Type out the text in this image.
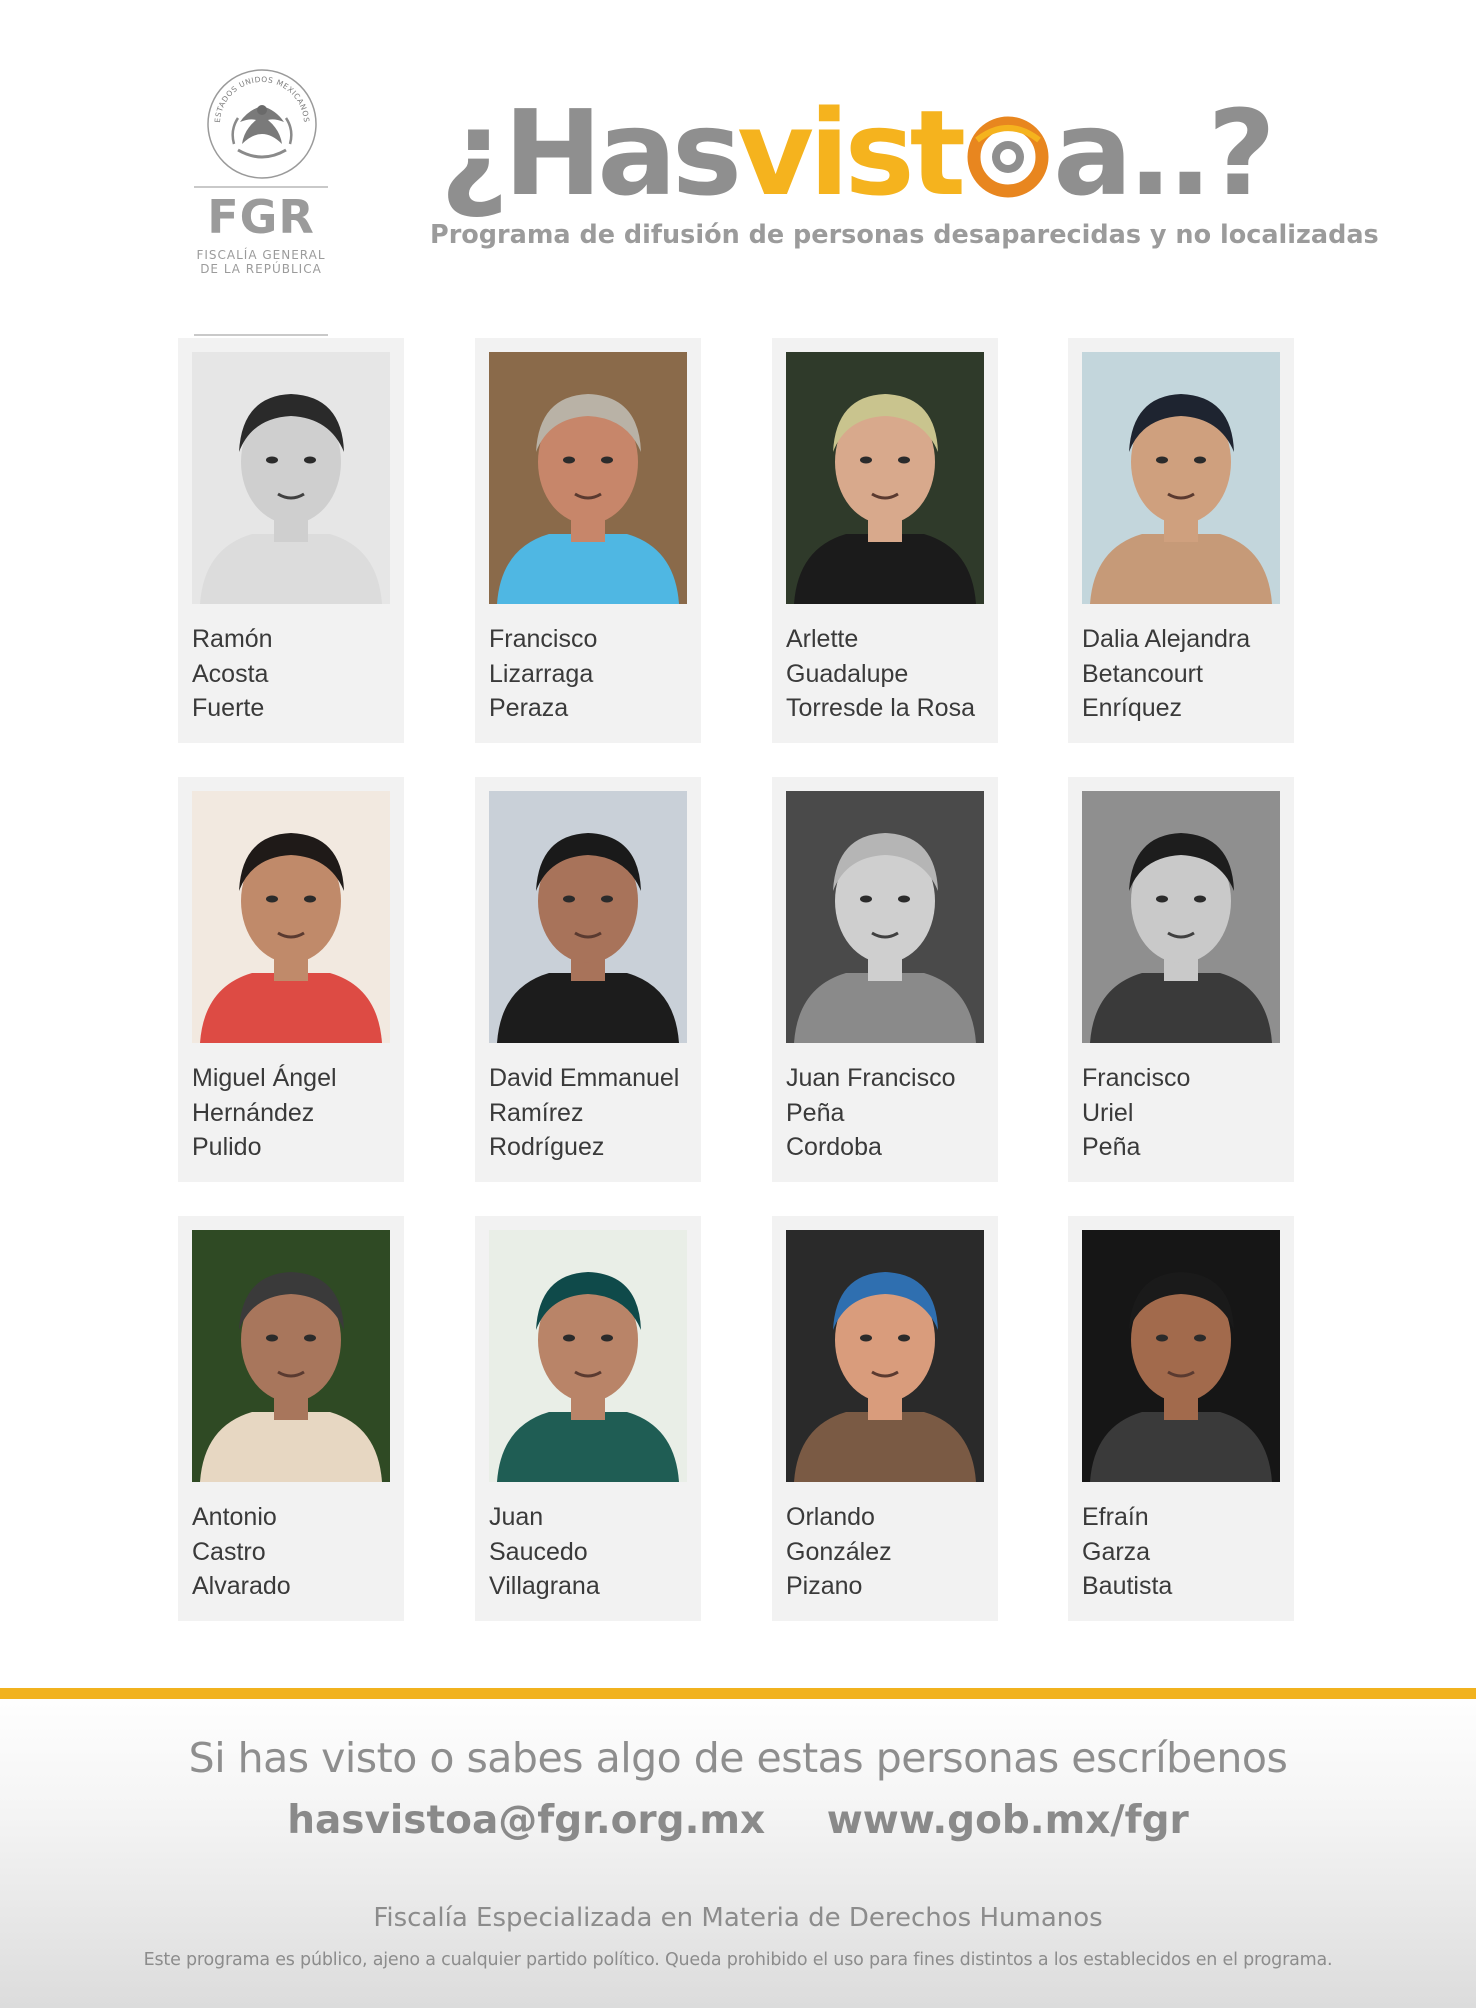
ESTADOS UNIDOS MEXICANOS
FGR
FISCALÍA GENERAL
DE LA REPÚBLICA
¿Hasvist a..?
Programa de difusión de personas desaparecidas y no localizadas
Ramón
Acosta
Fuerte
Francisco
Lizarraga
Peraza
Arlette
Guadalupe
Torresde la Rosa
Dalia Alejandra
Betancourt
Enríquez
Miguel Ángel
Hernández
Pulido
David Emmanuel
Ramírez
Rodríguez
Juan Francisco
Peña
Cordoba
Francisco
Uriel
Peña
Antonio
Castro
Alvarado
Juan
Saucedo
Villagrana
Orlando
González
Pizano
Efraín
Garza
Bautista
Si has visto o sabes algo de estas personas escríbenos
hasvistoa@fgr.org.mx www.gob.mx/fgr
Fiscalía Especializada en Materia de Derechos Humanos
Este programa es público, ajeno a cualquier partido político. Queda prohibido el uso para fines distintos a los establecidos en el programa.
